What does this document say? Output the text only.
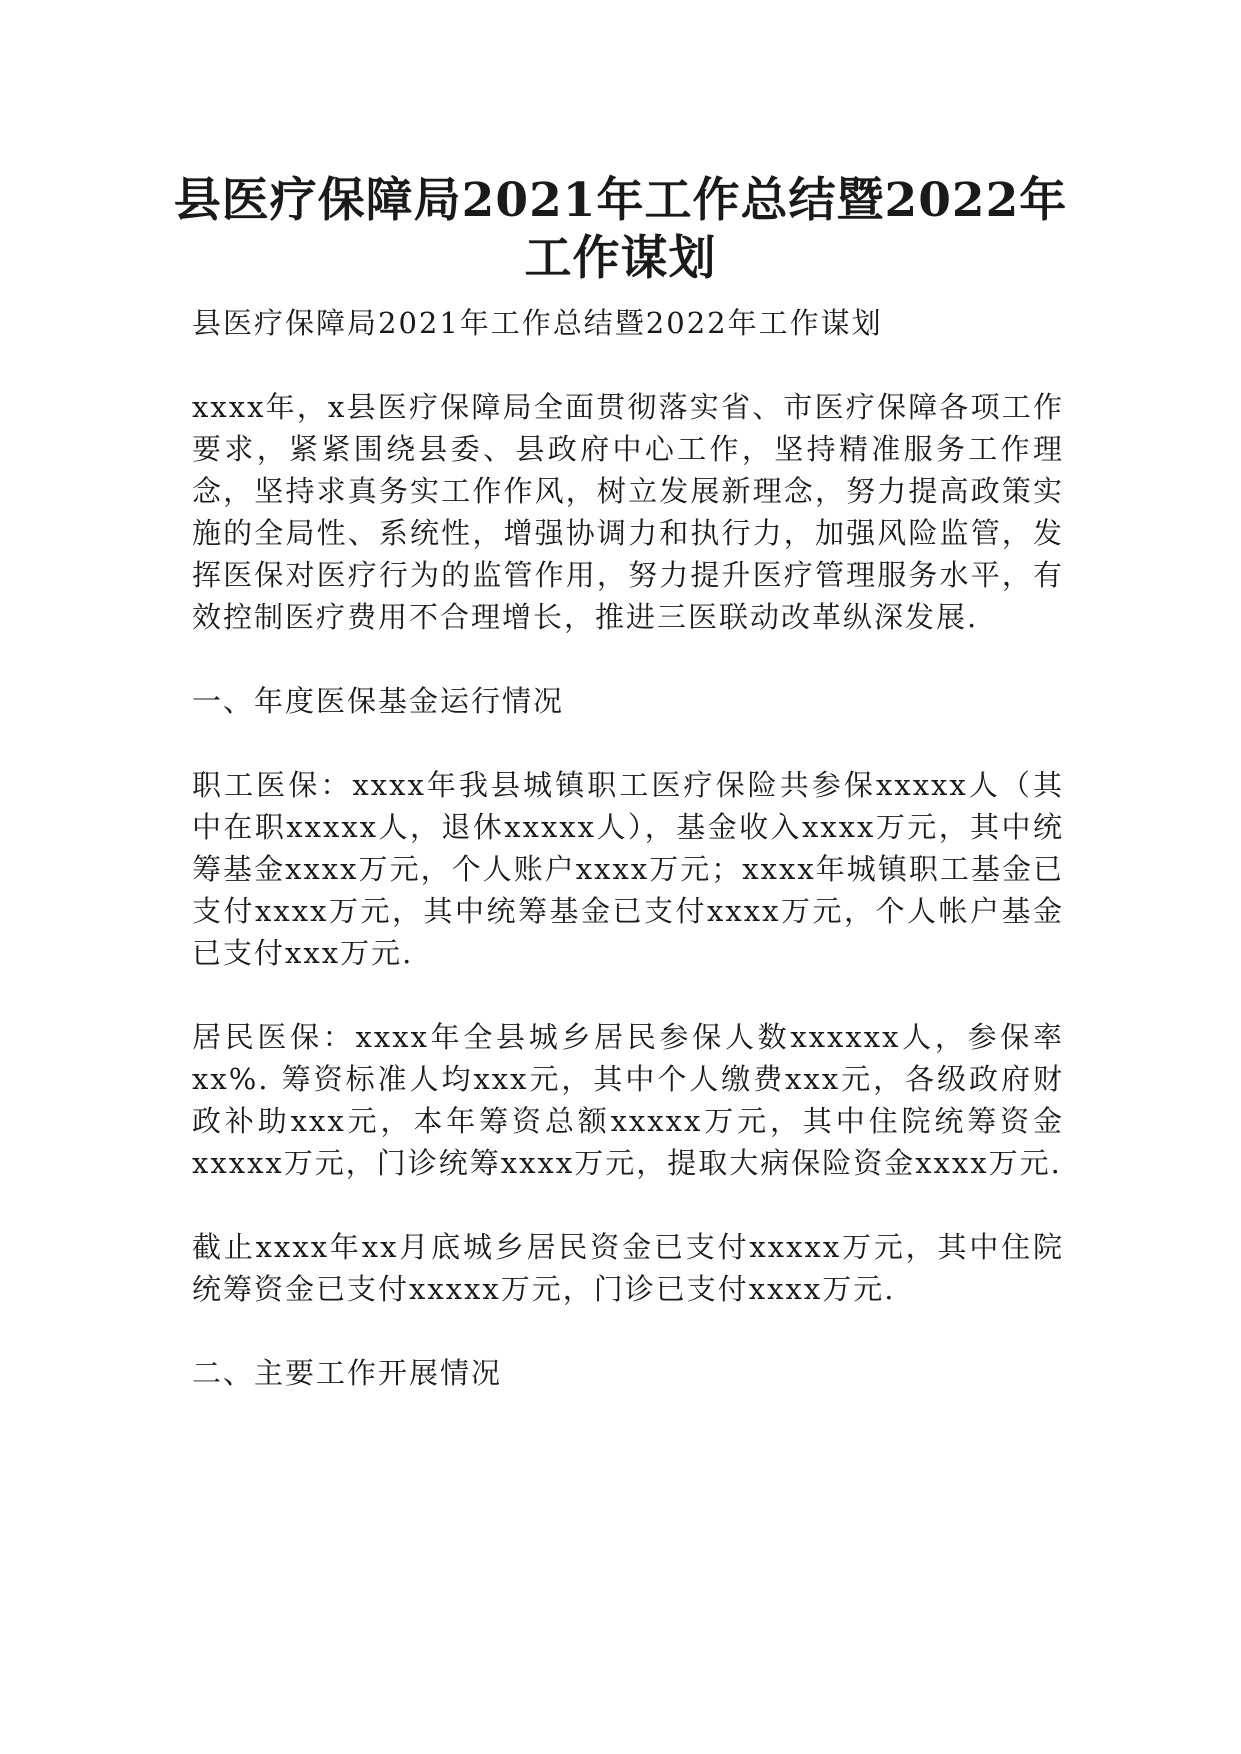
县医疗保障局2021年工作总结暨2022年
工作谋划

县医疗保障局2021年工作总结暨2022年工作谋划

xxxx年，x县医疗保障局全面贯彻落实省、市医疗保障各项工作要求，紧紧围绕县委、县政府中心工作，坚持精准服务工作理念，坚持求真务实工作作风，树立发展新理念，努力提高政策实施的全局性、系统性，增强协调力和执行力，加强风险监管，发挥医保对医疗行为的监管作用，努力提升医疗管理服务水平，有效控制医疗费用不合理增长，推进三医联动改革纵深发展.

一、年度医保基金运行情况

职工医保：xxxx年我县城镇职工医疗保险共参保xxxxx人（其中在职xxxxx人，退休xxxxx人），基金收入xxxx万元，其中统筹基金xxxx万元，个人账户xxxx万元；xxxx年城镇职工基金已支付xxxx万元，其中统筹基金已支付xxxx万元，个人帐户基金已支付xxx万元.

居民医保：xxxx年全县城乡居民参保人数xxxxxx人，参保率xx%. 筹资标准人均xxx元，其中个人缴费xxx元，各级政府财政补助xxx元，本年筹资总额xxxxx万元，其中住院统筹资金xxxxx万元，门诊统筹xxxx万元，提取大病保险资金xxxx万元.

截止xxxx年xx月底城乡居民资金已支付xxxxx万元，其中住院统筹资金已支付xxxxx万元，门诊已支付xxxx万元.

二、主要工作开展情况
